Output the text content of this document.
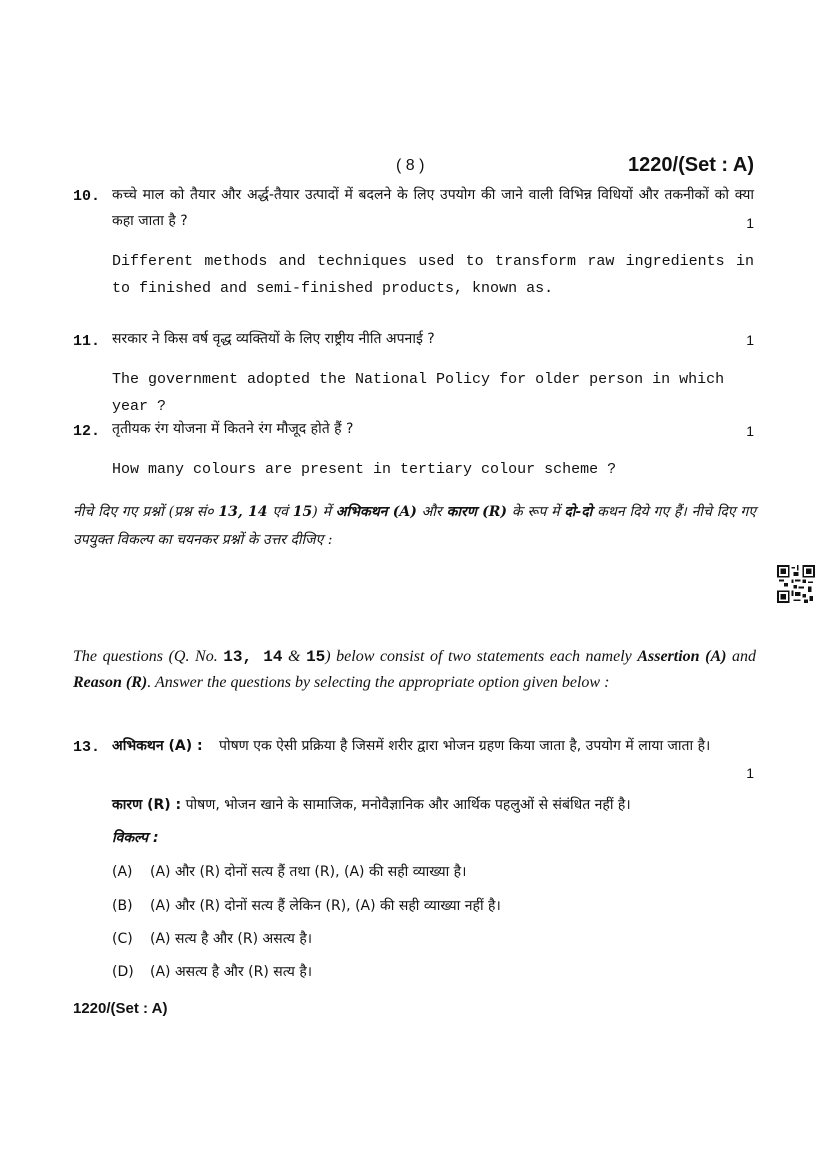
( 8 )	1220/(Set : A)
10. कच्चे माल को तैयार और अर्द्ध-तैयार उत्पादों में बदलने के लिए उपयोग की जाने वाली विभिन्न विधियों और तकनीकों को क्या कहा जाता है ?	1
Different methods and techniques used to transform raw ingredients in to finished and semi-finished products, known as.
11. सरकार ने किस वर्ष वृद्ध व्यक्तियों के लिए राष्ट्रीय नीति अपनाई ?	1
The government adopted the National Policy for older person in which year ?
12. तृतीयक रंग योजना में कितने रंग मौजूद होते हैं ?	1
How many colours are present in tertiary colour scheme ?
नीचे दिए गए प्रश्नों (प्रश्न सं० 13, 14 एवं 15) में अभिकथन (A) और कारण (R) के रूप में दो-दो कथन दिये गए हैं। नीचे दिए गए उपयुक्त विकल्प का चयनकर प्रश्नों के उत्तर दीजिए :
The questions (Q. No. 13, 14 & 15) below consist of two statements each namely Assertion (A) and Reason (R). Answer the questions by selecting the appropriate option given below :
13. अभिकथन (A) : पोषण एक ऐसी प्रक्रिया है जिसमें शरीर द्वारा भोजन ग्रहण किया जाता है, उपयोग में लाया जाता है।
1
कारण (R) : पोषण, भोजन खाने के सामाजिक, मनोवैज्ञानिक और आर्थिक पहलुओं से संबंधित नहीं है।
विकल्प :
(A) (A) और (R) दोनों सत्य हैं तथा (R), (A) की सही व्याख्या है।
(B) (A) और (R) दोनों सत्य हैं लेकिन (R), (A) की सही व्याख्या नहीं है।
(C) (A) सत्य है और (R) असत्य है।
(D) (A) असत्य है और (R) सत्य है।
1220/(Set : A)
